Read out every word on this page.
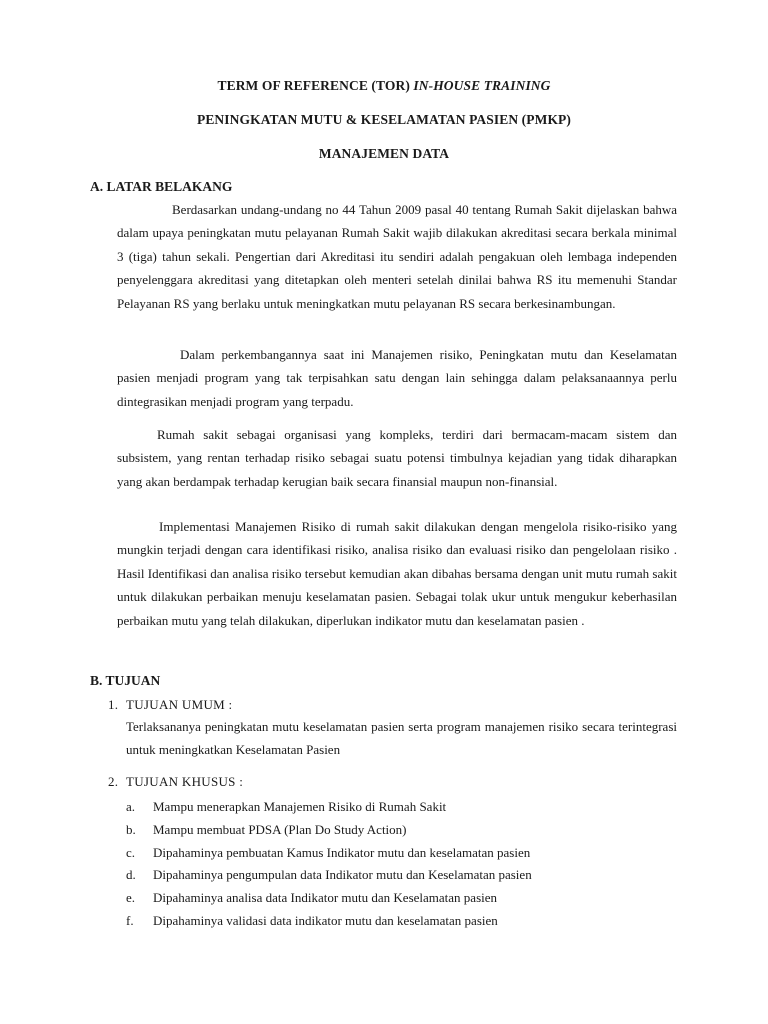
TERM OF REFERENCE (TOR) IN-HOUSE TRAINING
PENINGKATAN MUTU & KESELAMATAN PASIEN (PMKP)
MANAJEMEN DATA
A. LATAR BELAKANG
Berdasarkan undang-undang no 44 Tahun 2009 pasal 40 tentang Rumah Sakit dijelaskan bahwa dalam upaya peningkatan mutu pelayanan Rumah Sakit wajib dilakukan akreditasi secara berkala minimal 3 (tiga) tahun sekali. Pengertian dari Akreditasi itu sendiri adalah pengakuan oleh lembaga independen penyelenggara akreditasi yang ditetapkan oleh menteri setelah dinilai bahwa RS itu memenuhi Standar Pelayanan RS yang berlaku untuk meningkatkan mutu pelayanan RS secara berkesinambungan.
Dalam perkembangannya saat ini Manajemen risiko, Peningkatan mutu dan Keselamatan pasien menjadi program yang tak terpisahkan satu dengan lain sehingga dalam pelaksanaannya perlu dintegrasikan menjadi program yang terpadu.
Rumah sakit sebagai organisasi yang kompleks, terdiri dari bermacam-macam sistem dan subsistem, yang rentan terhadap risiko sebagai suatu potensi timbulnya kejadian yang tidak diharapkan yang akan berdampak terhadap kerugian baik secara finansial maupun non-finansial.
Implementasi Manajemen Risiko di rumah sakit dilakukan dengan mengelola risiko-risiko yang mungkin terjadi dengan cara identifikasi risiko, analisa risiko dan evaluasi risiko dan pengelolaan risiko . Hasil Identifikasi dan analisa risiko tersebut kemudian akan dibahas bersama dengan unit mutu rumah sakit untuk dilakukan perbaikan menuju keselamatan pasien. Sebagai tolak ukur untuk mengukur keberhasilan perbaikan mutu yang telah dilakukan, diperlukan indikator mutu dan keselamatan pasien .
B. TUJUAN
1. TUJUAN UMUM :
Terlaksananya peningkatan mutu keselamatan pasien serta program manajemen risiko secara terintegrasi untuk meningkatkan Keselamatan Pasien
2. TUJUAN KHUSUS :
a. Mampu menerapkan Manajemen Risiko di Rumah Sakit
b. Mampu membuat PDSA (Plan Do Study Action)
c. Dipahaminya pembuatan Kamus Indikator mutu dan keselamatan pasien
d. Dipahaminya pengumpulan data Indikator mutu dan Keselamatan pasien
e. Dipahaminya analisa data Indikator mutu dan Keselamatan pasien
f. Dipahaminya validasi data indikator mutu dan keselamatan pasien
